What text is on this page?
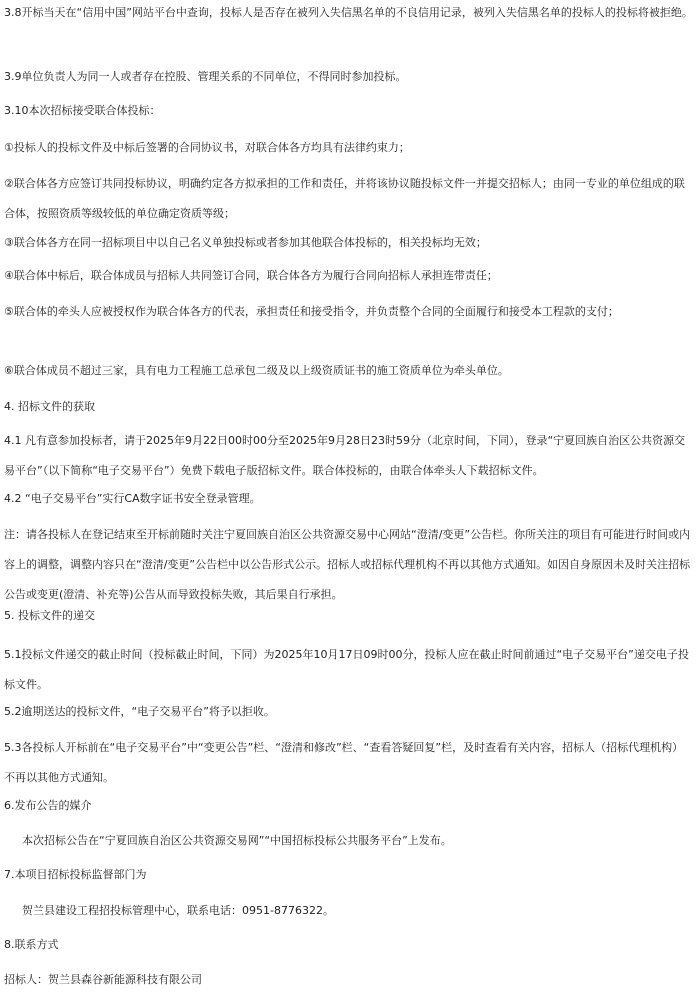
3.8开标当天在“信用中国”网站平台中查询，投标人是否存在被列入失信黑名单的不良信用记录，被列入失信黑名单的投标人的投标将被拒绝。
3.9单位负责人为同一人或者存在控股、管理关系的不同单位，不得同时参加投标。
3.10本次招标接受联合体投标：
①投标人的投标文件及中标后签署的合同协议书，对联合体各方均具有法律约束力；
②联合体各方应签订共同投标协议，明确约定各方拟承担的工作和责任，并将该协议随投标文件一并提交招标人；由同一专业的单位组成的联合体，按照资质等级较低的单位确定资质等级；
③联合体各方在同一招标项目中以自己名义单独投标或者参加其他联合体投标的，相关投标均无效；
④联合体中标后，联合体成员与招标人共同签订合同，联合体各方为履行合同向招标人承担连带责任；
⑤联合体的牵头人应被授权作为联合体各方的代表，承担责任和接受指令，并负责整个合同的全面履行和接受本工程款的支付；
⑥联合体成员不超过三家，具有电力工程施工总承包二级及以上级资质证书的施工资质单位为牵头单位。
4. 招标文件的获取
4.1 凡有意参加投标者，请于2025年9月22日00时00分至2025年9月28日23时59分（北京时间，下同），登录“宁夏回族自治区公共资源交易平台”（以下简称“电子交易平台”）免费下载电子版招标文件。联合体投标的，由联合体牵头人下载招标文件。
4.2 “电子交易平台”实行CA数字证书安全登录管理。
注：请各投标人在登记结束至开标前随时关注宁夏回族自治区公共资源交易中心网站“澄清/变更”公告栏。你所关注的项目有可能进行时间或内容上的调整，调整内容只在“澄清/变更”公告栏中以公告形式公示。招标人或招标代理机构不再以其他方式通知。如因自身原因未及时关注招标公告或变更(澄清、补充等)公告从而导致投标失败，其后果自行承担。
5. 投标文件的递交
5.1投标文件递交的截止时间（投标截止时间，下同）为2025年10月17日09时00分，投标人应在截止时间前通过“电子交易平台”递交电子投标文件。
5.2逾期送达的投标文件，“电子交易平台”将予以拒收。
5.3各投标人开标前在“电子交易平台”中“变更公告”栏、“澄清和修改”栏、“查看答疑回复”栏，及时查看有关内容，招标人（招标代理机构）不再以其他方式通知。
6.发布公告的媒介
本次招标公告在“宁夏回族自治区公共资源交易网”“中国招标投标公共服务平台”上发布。
7.本项目招标投标监督部门为
贺兰县建设工程招投标管理中心，联系电话：0951-8776322。
8.联系方式
招标人：贺兰县森谷新能源科技有限公司
